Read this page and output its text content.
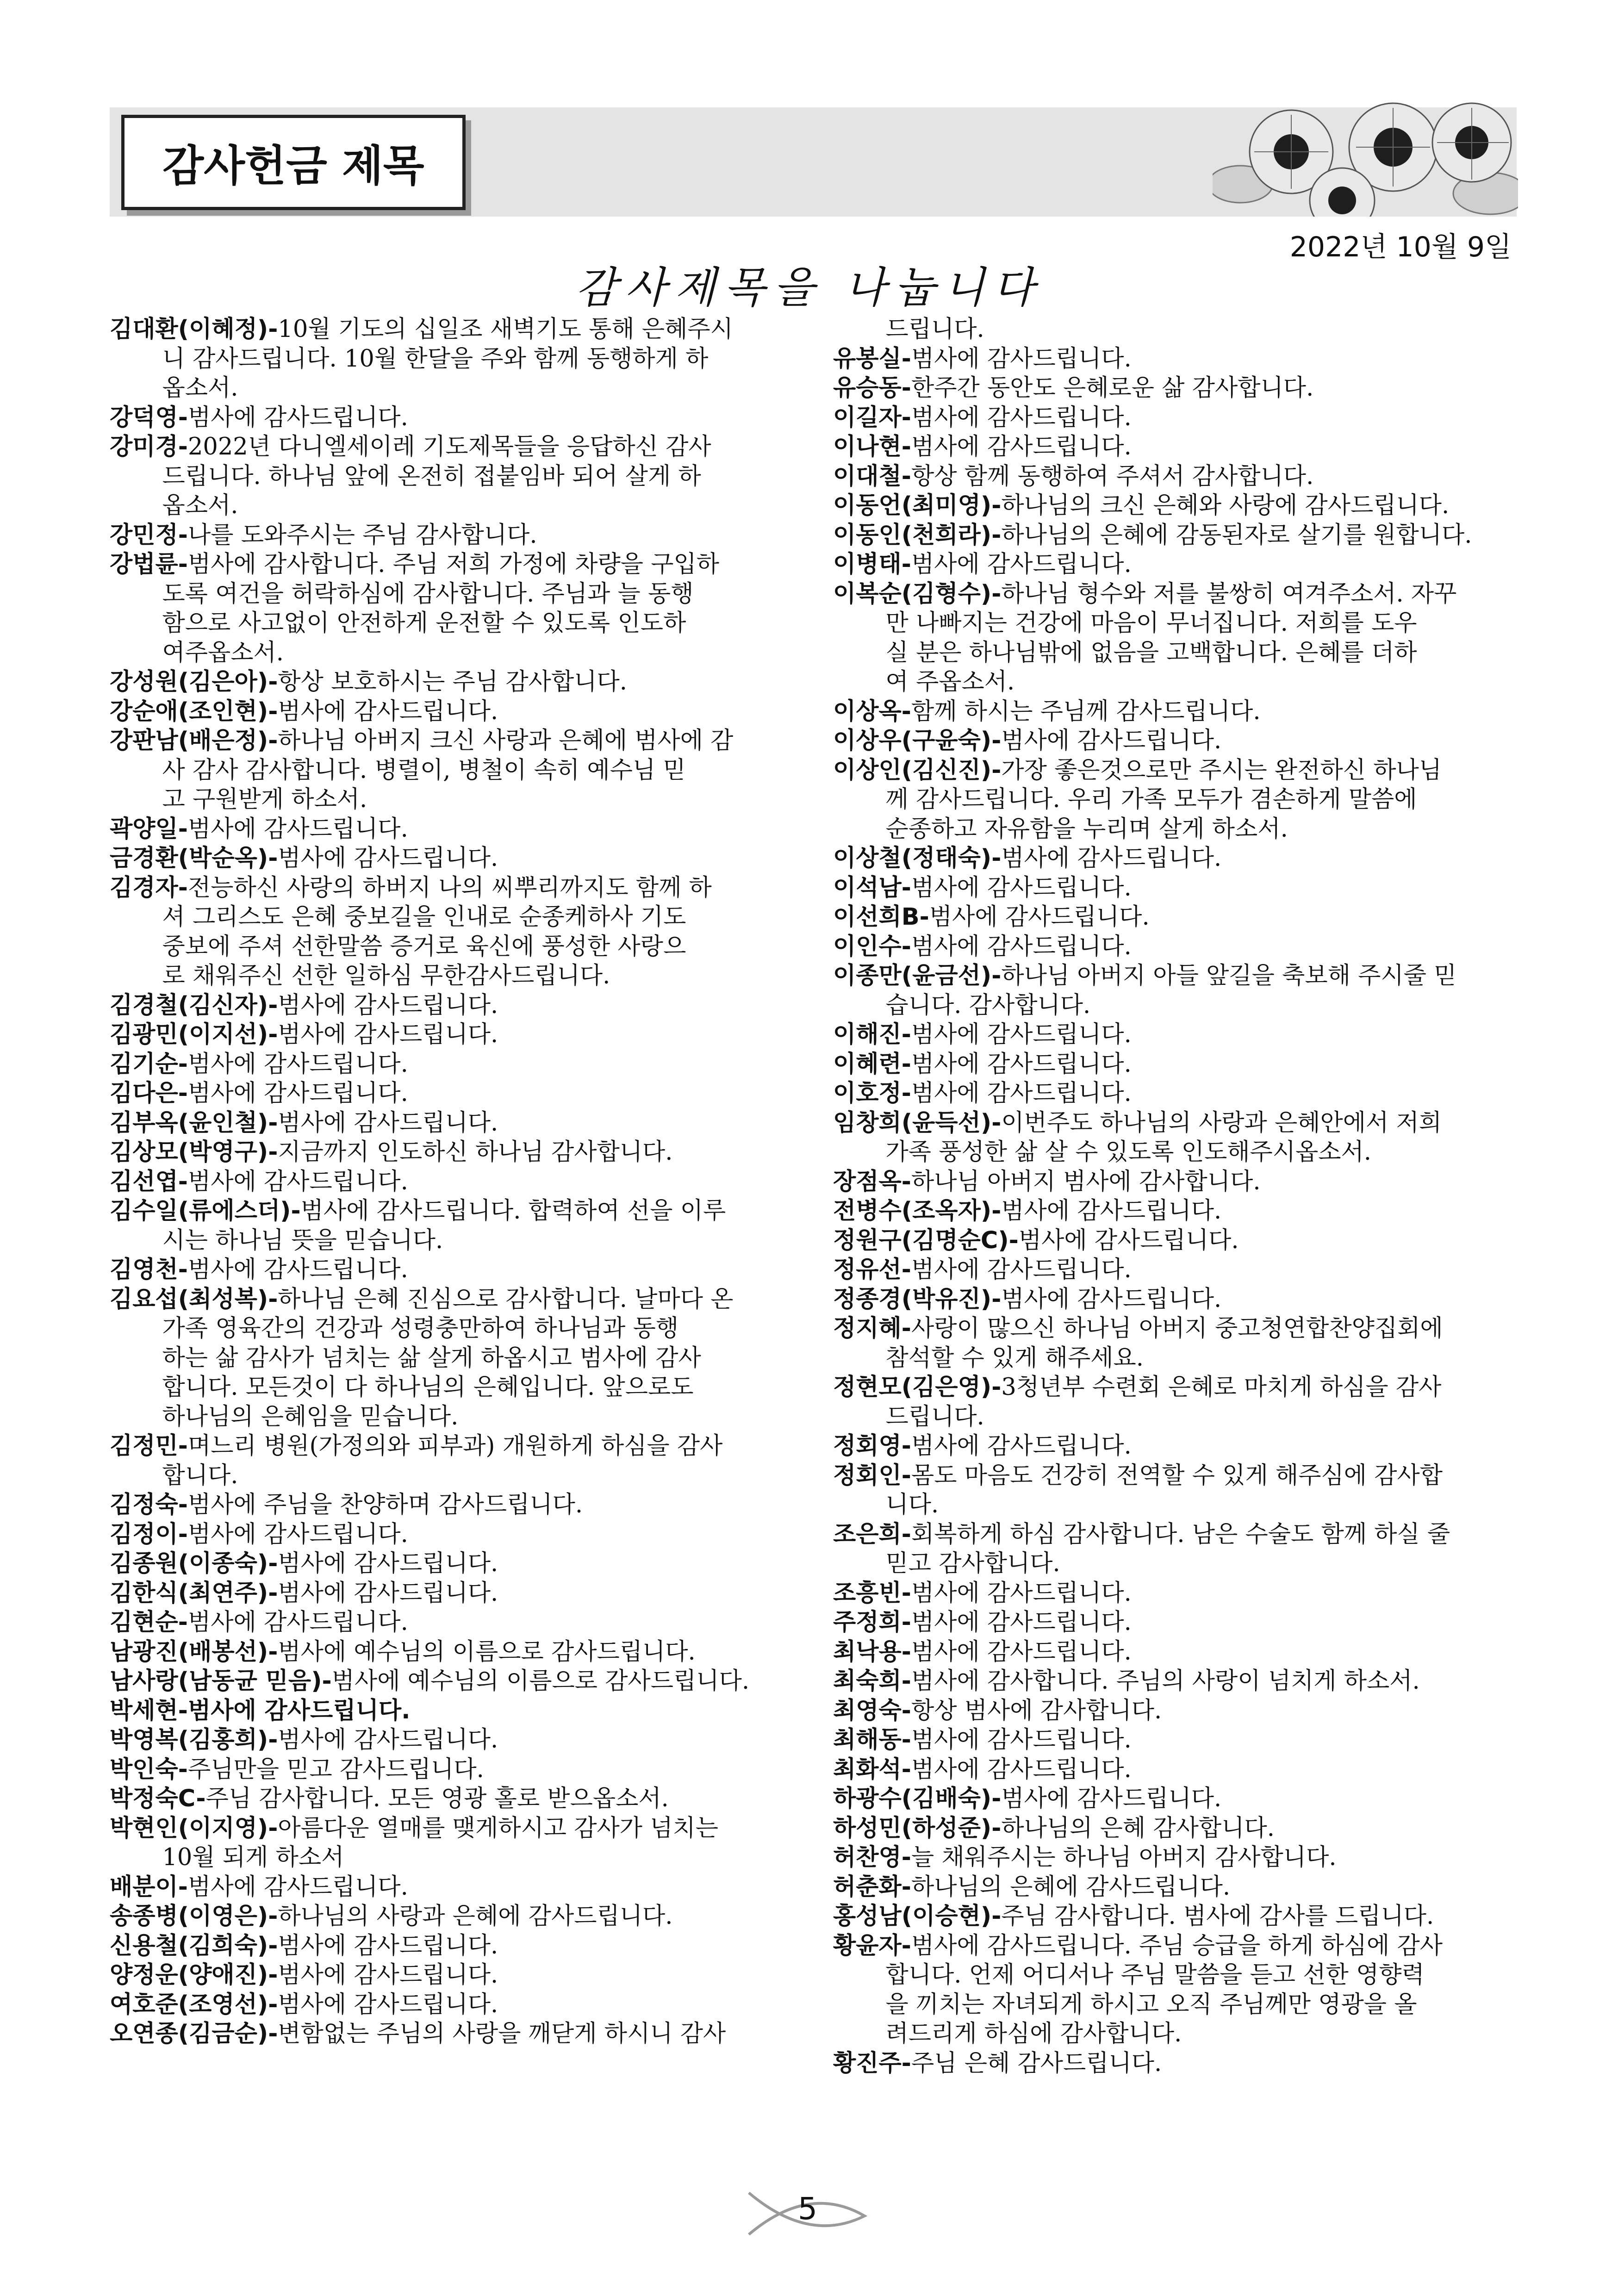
감사헌금 제목
2022년 10월 9일
감사제목을 나눕니다
김대환(이혜정)-10월 기도의 십일조 새벽기도 통해 은혜주시
니 감사드립니다. 10월 한달을 주와 함께 동행하게 하
옵소서.
강덕영-범사에 감사드립니다.
강미경-2022년 다니엘세이레 기도제목들을 응답하신 감사
드립니다. 하나님 앞에 온전히 접붙임바 되어 살게 하
옵소서.
강민정-나를 도와주시는 주님 감사합니다.
강법륜-범사에 감사합니다. 주님 저희 가정에 차량을 구입하
도록 여건을 허락하심에 감사합니다. 주님과 늘 동행
함으로 사고없이 안전하게 운전할 수 있도록 인도하
여주옵소서.
강성원(김은아)-항상 보호하시는 주님 감사합니다.
강순애(조인현)-범사에 감사드립니다.
강판남(배은정)-하나님 아버지 크신 사랑과 은혜에 범사에 감
사 감사 감사합니다. 병렬이, 병철이 속히 예수님 믿
고 구원받게 하소서.
곽양일-범사에 감사드립니다.
금경환(박순옥)-범사에 감사드립니다.
김경자-전능하신 사랑의 하버지 나의 씨뿌리까지도 함께 하
셔 그리스도 은혜 중보길을 인내로 순종케하사 기도
중보에 주셔 선한말씀 증거로 육신에 풍성한 사랑으
로 채워주신 선한 일하심 무한감사드립니다.
김경철(김신자)-범사에 감사드립니다.
김광민(이지선)-범사에 감사드립니다.
김기순-범사에 감사드립니다.
김다은-범사에 감사드립니다.
김부옥(윤인철)-범사에 감사드립니다.
김상모(박영구)-지금까지 인도하신 하나님 감사합니다.
김선엽-범사에 감사드립니다.
김수일(류에스더)-범사에 감사드립니다. 합력하여 선을 이루
시는 하나님 뜻을 믿습니다.
김영천-범사에 감사드립니다.
김요섭(최성복)-하나님 은혜 진심으로 감사합니다. 날마다 온
가족 영육간의 건강과 성령충만하여 하나님과 동행
하는 삶 감사가 넘치는 삶 살게 하옵시고 범사에 감사
합니다. 모든것이 다 하나님의 은혜입니다. 앞으로도
하나님의 은혜임을 믿습니다.
김정민-며느리 병원(가정의와 피부과) 개원하게 하심을 감사
합니다.
김정숙-범사에 주님을 찬양하며 감사드립니다.
김정이-범사에 감사드립니다.
김종원(이종숙)-범사에 감사드립니다.
김한식(최연주)-범사에 감사드립니다.
김현순-범사에 감사드립니다.
남광진(배봉선)-범사에 예수님의 이름으로 감사드립니다.
남사랑(남동균 믿음)-범사에 예수님의 이름으로 감사드립니다.
박세현-범사에 감사드립니다.
박영복(김홍희)-범사에 감사드립니다.
박인숙-주님만을 믿고 감사드립니다.
박정숙C-주님 감사합니다. 모든 영광 홀로 받으옵소서.
박현인(이지영)-아름다운 열매를 맺게하시고 감사가 넘치는
10월 되게 하소서
배분이-범사에 감사드립니다.
송종병(이영은)-하나님의 사랑과 은혜에 감사드립니다.
신용철(김희숙)-범사에 감사드립니다.
양정운(양애진)-범사에 감사드립니다.
여호준(조영선)-범사에 감사드립니다.
오연종(김금순)-변함없는 주님의 사랑을 깨닫게 하시니 감사
드립니다.
유봉실-범사에 감사드립니다.
유승동-한주간 동안도 은혜로운 삶 감사합니다.
이길자-범사에 감사드립니다.
이나현-범사에 감사드립니다.
이대철-항상 함께 동행하여 주셔서 감사합니다.
이동언(최미영)-하나님의 크신 은혜와 사랑에 감사드립니다.
이동인(천희라)-하나님의 은혜에 감동된자로 살기를 원합니다.
이병태-범사에 감사드립니다.
이복순(김형수)-하나님 형수와 저를 불쌍히 여겨주소서. 자꾸
만 나빠지는 건강에 마음이 무너집니다. 저희를 도우
실 분은 하나님밖에 없음을 고백합니다. 은혜를 더하
여 주옵소서.
이상옥-함께 하시는 주님께 감사드립니다.
이상우(구윤숙)-범사에 감사드립니다.
이상인(김신진)-가장 좋은것으로만 주시는 완전하신 하나님
께 감사드립니다. 우리 가족 모두가 겸손하게 말씀에
순종하고 자유함을 누리며 살게 하소서.
이상철(정태숙)-범사에 감사드립니다.
이석남-범사에 감사드립니다.
이선희B-범사에 감사드립니다.
이인수-범사에 감사드립니다.
이종만(윤금선)-하나님 아버지 아들 앞길을 축보해 주시줄 믿
습니다. 감사합니다.
이해진-범사에 감사드립니다.
이혜련-범사에 감사드립니다.
이호정-범사에 감사드립니다.
임창희(윤득선)-이번주도 하나님의 사랑과 은혜안에서 저희
가족 풍성한 삶 살 수 있도록 인도해주시옵소서.
장점옥-하나님 아버지 범사에 감사합니다.
전병수(조옥자)-범사에 감사드립니다.
정원구(김명순C)-범사에 감사드립니다.
정유선-범사에 감사드립니다.
정종경(박유진)-범사에 감사드립니다.
정지혜-사랑이 많으신 하나님 아버지 중고청연합찬양집회에
참석할 수 있게 해주세요.
정현모(김은영)-3청년부 수련회 은혜로 마치게 하심을 감사
드립니다.
정회영-범사에 감사드립니다.
정회인-몸도 마음도 건강히 전역할 수 있게 해주심에 감사합
니다.
조은희-회복하게 하심 감사합니다. 남은 수술도 함께 하실 줄
믿고 감사합니다.
조흥빈-범사에 감사드립니다.
주정희-범사에 감사드립니다.
최낙용-범사에 감사드립니다.
최숙희-범사에 감사합니다. 주님의 사랑이 넘치게 하소서.
최영숙-항상 범사에 감사합니다.
최해동-범사에 감사드립니다.
최화석-범사에 감사드립니다.
하광수(김배숙)-범사에 감사드립니다.
하성민(하성준)-하나님의 은혜 감사합니다.
허찬영-늘 채워주시는 하나님 아버지 감사합니다.
허춘화-하나님의 은혜에 감사드립니다.
홍성남(이승현)-주님 감사합니다. 범사에 감사를 드립니다.
황윤자-범사에 감사드립니다. 주님 승급을 하게 하심에 감사
합니다. 언제 어디서나 주님 말씀을 듣고 선한 영향력
을 끼치는 자녀되게 하시고 오직 주님께만 영광을 올
려드리게 하심에 감사합니다.
황진주-주님 은혜 감사드립니다.
5
